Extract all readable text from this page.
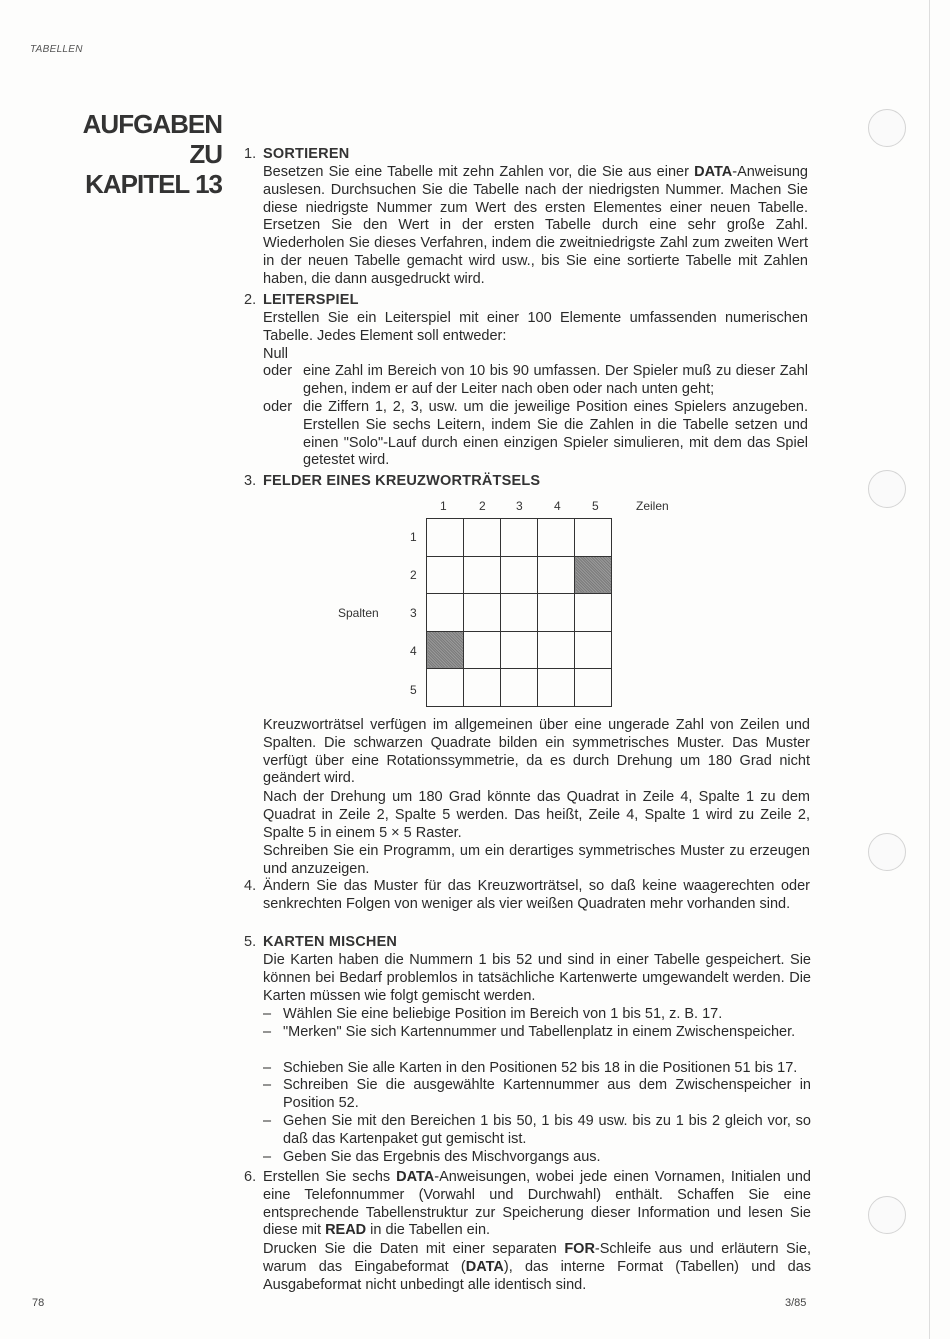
TABELLEN
AUFGABEN ZU
KAPITEL 13
1. SORTIEREN
Besetzen Sie eine Tabelle mit zehn Zahlen vor, die Sie aus einer DATA-Anweisung auslesen. Durchsuchen Sie die Tabelle nach der niedrigsten Nummer. Machen Sie diese niedrigste Nummer zum Wert des ersten Elementes einer neuen Tabelle. Ersetzen Sie den Wert in der ersten Tabelle durch eine sehr große Zahl. Wiederholen Sie dieses Verfahren, indem die zweitniedrigste Zahl zum zweiten Wert in der neuen Tabelle gemacht wird usw., bis Sie eine sortierte Tabelle mit Zahlen haben, die dann ausgedruckt wird.
2. LEITERSPIEL
Erstellen Sie ein Leiterspiel mit einer 100 Elemente umfassenden numerischen Tabelle. Jedes Element soll entweder:
Null
oder eine Zahl im Bereich von 10 bis 90 umfassen. Der Spieler muß zu dieser Zahl gehen, indem er auf der Leiter nach oben oder nach unten geht;
oder die Ziffern 1, 2, 3, usw. um die jeweilige Position eines Spielers anzugeben. Erstellen Sie sechs Leitern, indem Sie die Zahlen in die Tabelle setzen und einen "Solo"-Lauf durch einen einzigen Spieler simulieren, mit dem das Spiel getestet wird.
3. FELDER EINES KREUZWORTRÄTSELS
Kreuzworträtsel verfügen im allgemeinen über eine ungerade Zahl von Zeilen und Spalten. Die schwarzen Quadrate bilden ein symmetrisches Muster. Das Muster verfügt über eine Rotationssymmetrie, da es durch Drehung um 180 Grad nicht geändert wird.
Nach der Drehung um 180 Grad könnte das Quadrat in Zeile 4, Spalte 1 zu dem Quadrat in Zeile 2, Spalte 5 werden. Das heißt, Zeile 4, Spalte 1 wird zu Zeile 2, Spalte 5 in einem 5 × 5 Raster.
Schreiben Sie ein Programm, um ein derartiges symmetrisches Muster zu erzeugen und anzuzeigen.
4. Ändern Sie das Muster für das Kreuzworträtsel, so daß keine waagerechten oder senkrechten Folgen von weniger als vier weißen Quadraten mehr vorhanden sind.
5. KARTEN MISCHEN
Die Karten haben die Nummern 1 bis 52 und sind in einer Tabelle gespeichert. Sie können bei Bedarf problemlos in tatsächliche Kartenwerte umgewandelt werden. Die Karten müssen wie folgt gemischt werden.
– Wählen Sie eine beliebige Position im Bereich von 1 bis 51, z. B. 17.
– "Merken" Sie sich Kartennummer und Tabellenplatz in einem Zwischenspeicher.
– Schieben Sie alle Karten in den Positionen 52 bis 18 in die Positionen 51 bis 17.
– Schreiben Sie die ausgewählte Kartennummer aus dem Zwischenspeicher in Position 52.
– Gehen Sie mit den Bereichen 1 bis 50, 1 bis 49 usw. bis zu 1 bis 2 gleich vor, so daß das Kartenpaket gut gemischt ist.
– Geben Sie das Ergebnis des Mischvorgangs aus.
6. Erstellen Sie sechs DATA-Anweisungen, wobei jede einen Vornamen, Initialen und eine Telefonnummer (Vorwahl und Durchwahl) enthält. Schaffen Sie eine entsprechende Tabellenstruktur zur Speicherung dieser Information und lesen Sie diese mit READ in die Tabellen ein.
Drucken Sie die Daten mit einer separaten FOR-Schleife aus und erläutern Sie, warum das Eingabeformat (DATA), das interne Format (Tabellen) und das Ausgabeformat nicht unbedingt alle identisch sind.
1	2	3	4	5	Zeilen
1
2
3
4
5
Spalten

78	3/85
